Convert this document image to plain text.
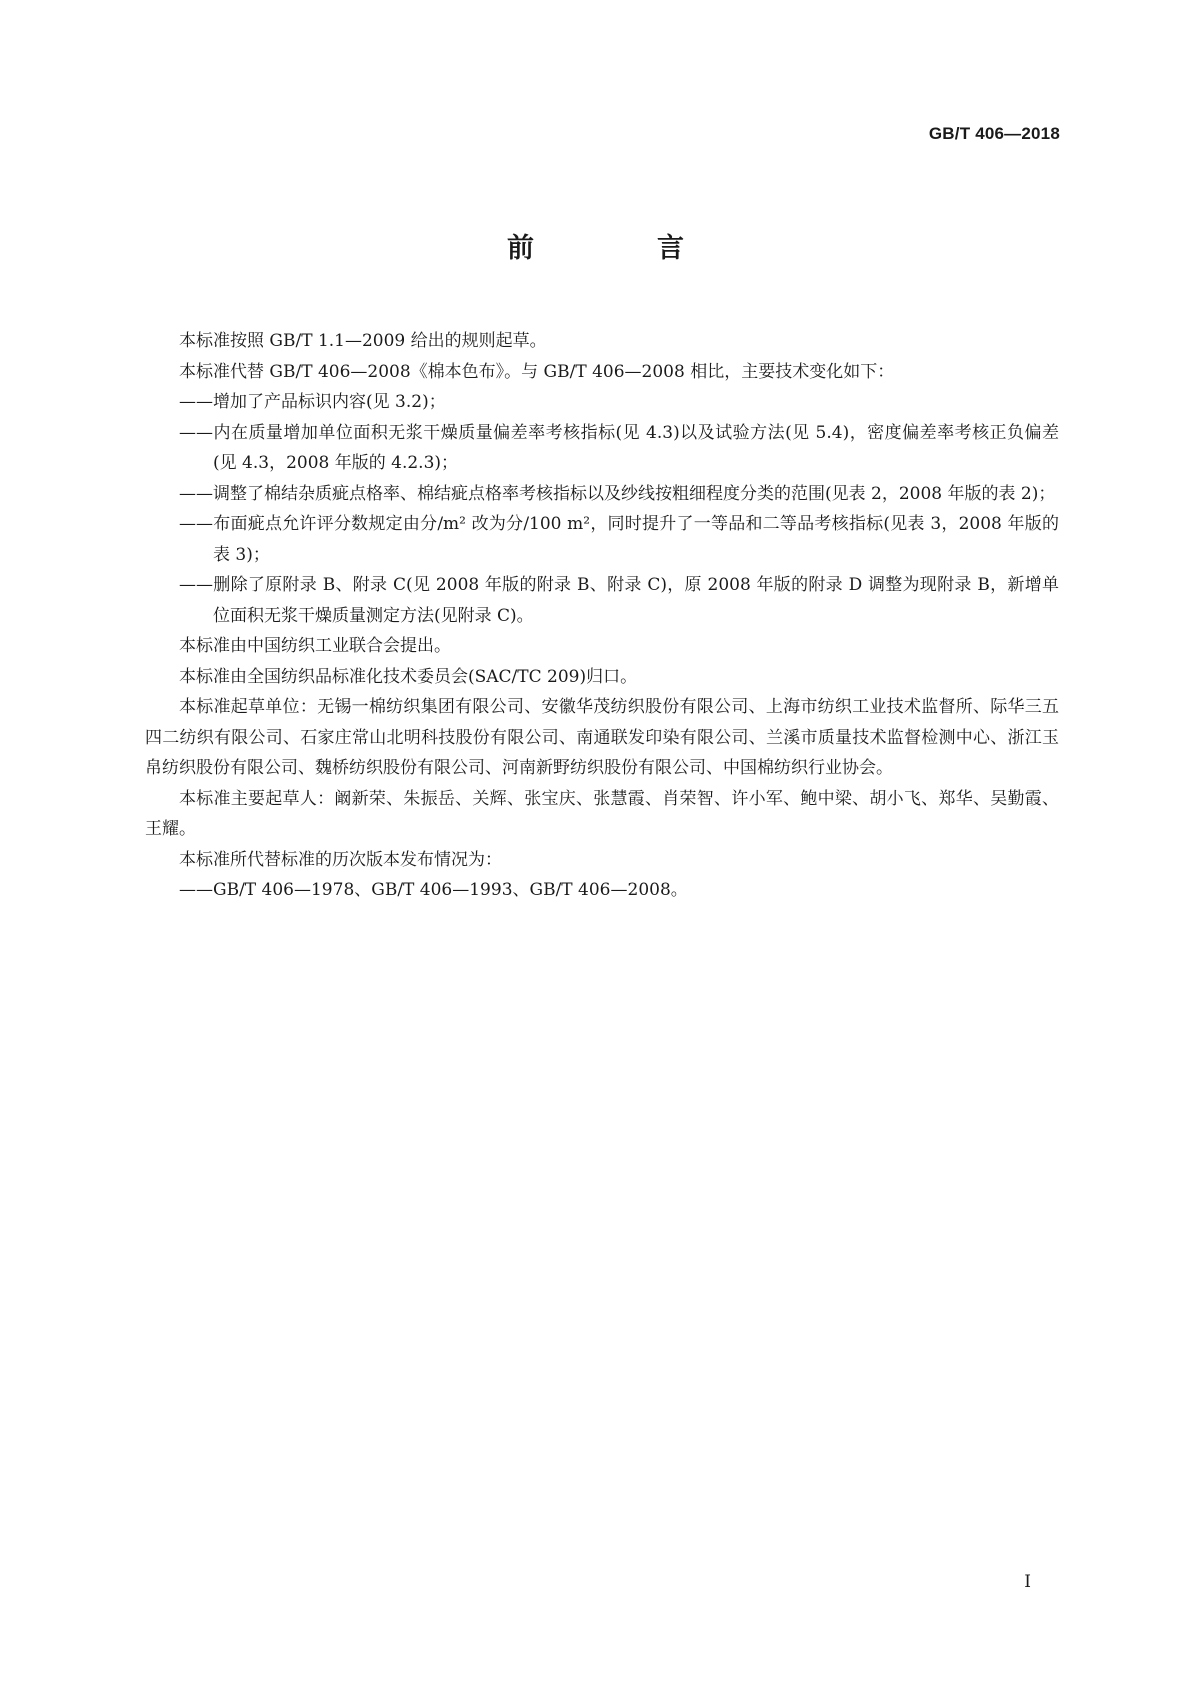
GB/T 406—2018
前　言

本标准按照 GB/T 1.1—2009 给出的规则起草。

本标准代替 GB/T 406—2008《棉本色布》。与 GB/T 406—2008 相比，主要技术变化如下：

——增加了产品标识内容(见 3.2)；

——内在质量增加单位面积无浆干燥质量偏差率考核指标(见 4.3)以及试验方法(见 5.4)，密度偏差率考核正负偏差(见 4.3，2008 年版的 4.2.3)；

——调整了棉结杂质疵点格率、棉结疵点格率考核指标以及纱线按粗细程度分类的范围(见表 2，2008 年版的表 2)；

——布面疵点允许评分数规定由分/m² 改为分/100 m²，同时提升了一等品和二等品考核指标(见表 3，2008 年版的表 3)；

——删除了原附录 B、附录 C(见 2008 年版的附录 B、附录 C)，原 2008 年版的附录 D 调整为现附录 B，新增单位面积无浆干燥质量测定方法(见附录 C)。

本标准由中国纺织工业联合会提出。

本标准由全国纺织品标准化技术委员会(SAC/TC 209)归口。

本标准起草单位：无锡一棉纺织集团有限公司、安徽华茂纺织股份有限公司、上海市纺织工业技术监督所、际华三五四二纺织有限公司、石家庄常山北明科技股份有限公司、南通联发印染有限公司、兰溪市质量技术监督检测中心、浙江玉帛纺织股份有限公司、魏桥纺织股份有限公司、河南新野纺织股份有限公司、中国棉纺织行业协会。

本标准主要起草人：阚新荣、朱振岳、关辉、张宝庆、张慧霞、肖荣智、许小军、鲍中梁、胡小飞、郑华、吴勤霞、王耀。

本标准所代替标准的历次版本发布情况为：

——GB/T 406—1978、GB/T 406—1993、GB/T 406—2008。

I
